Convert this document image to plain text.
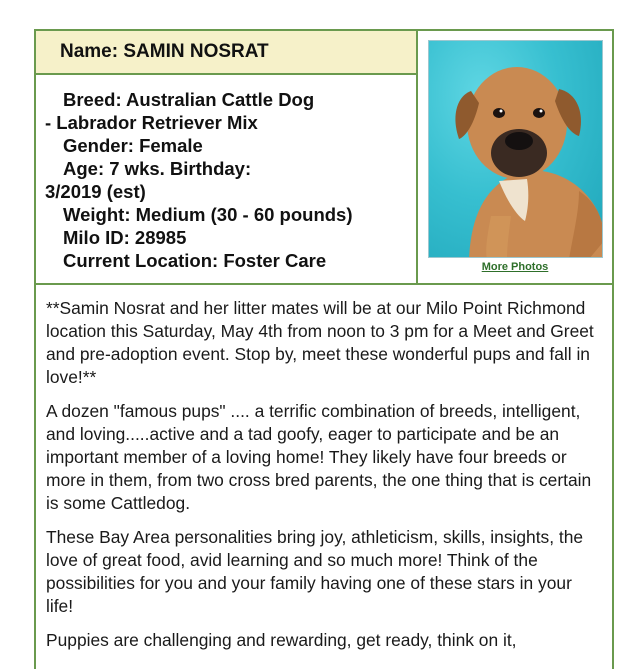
Name: SAMIN NOSRAT
Breed: Australian Cattle Dog
- Labrador Retriever Mix
Gender: Female
Age: 7 wks. Birthday:
3/2019 (est)
Weight: Medium (30 - 60 pounds)
Milo ID: 28985
Current Location: Foster Care	More Photos

**Samin Nosrat and her litter mates will be at our Milo Point Richmond location this Saturday, May 4th from noon to 3 pm for a Meet and Greet and pre-adoption event. Stop by, meet these wonderful pups and fall in love!**

A dozen "famous pups" .... a terrific combination of breeds, intelligent, and loving.....active and a tad goofy, eager to participate and be an important member of a loving home! They likely have four breeds or more in them, from two cross bred parents, the one thing that is certain is some Cattledog.

These Bay Area personalities bring joy, athleticism, skills, insights, the love of great food, avid learning and so much more! Think of the possibilities for you and your family having one of these stars in your life!

Puppies are challenging and rewarding, get ready, think on it,
